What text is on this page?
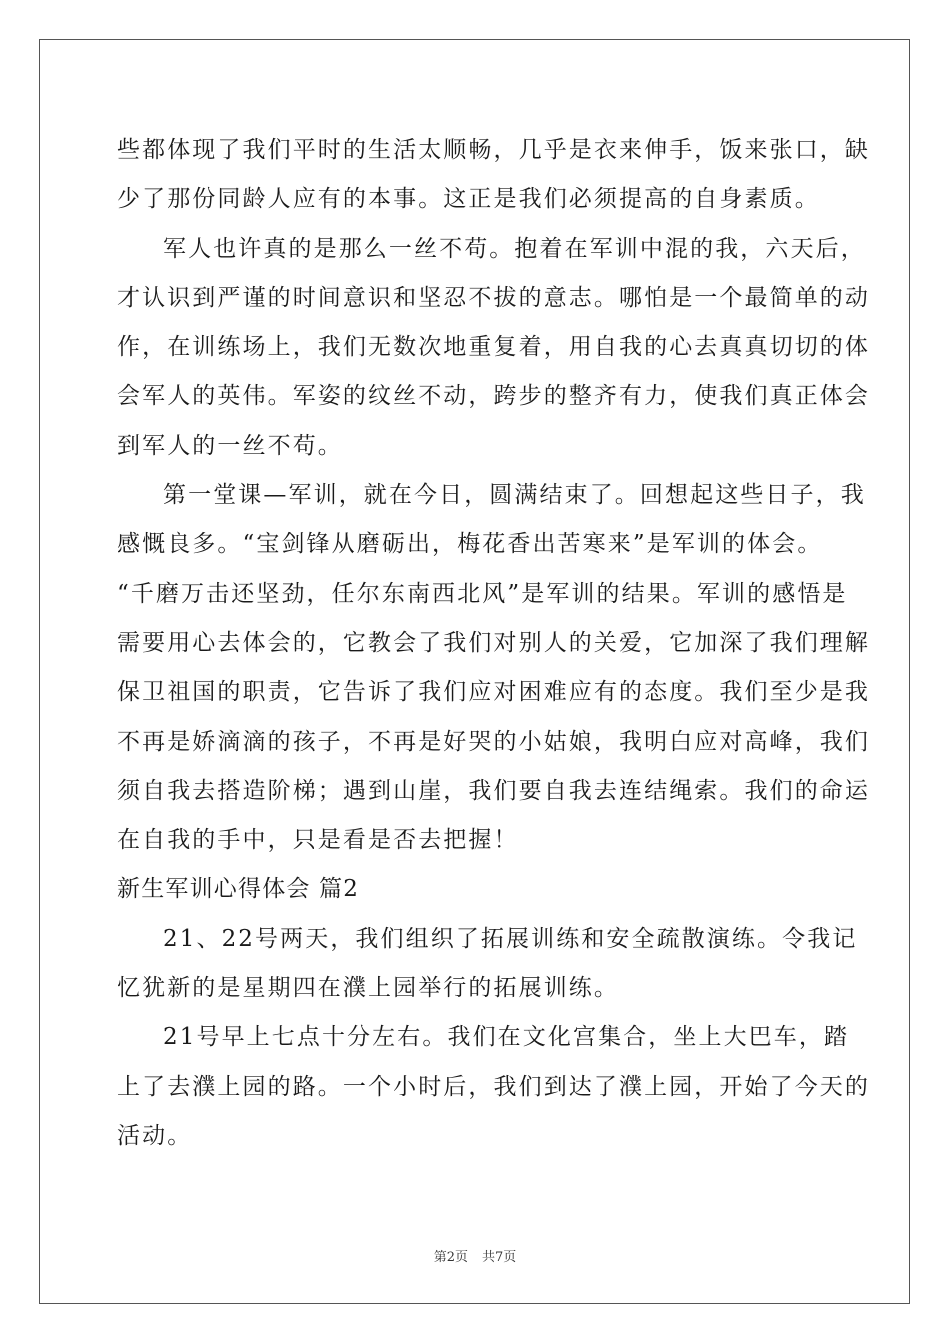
些都体现了我们平时的生活太顺畅，几乎是衣来伸手，饭来张口，缺
少了那份同龄人应有的本事。这正是我们必须提高的自身素质。
军人也许真的是那么一丝不苟。抱着在军训中混的我，六天后，
才认识到严谨的时间意识和坚忍不拔的意志。哪怕是一个最简单的动
作，在训练场上，我们无数次地重复着，用自我的心去真真切切的体
会军人的英伟。军姿的纹丝不动，跨步的整齐有力，使我们真正体会
到军人的一丝不苟。
第一堂课—军训，就在今日，圆满结束了。回想起这些日子，我
感慨良多。“宝剑锋从磨砺出，梅花香出苦寒来”是军训的体会。
“千磨万击还坚劲，任尔东南西北风”是军训的结果。军训的感悟是
需要用心去体会的，它教会了我们对别人的关爱，它加深了我们理解
保卫祖国的职责，它告诉了我们应对困难应有的态度。我们至少是我
不再是娇滴滴的孩子，不再是好哭的小姑娘，我明白应对高峰，我们
须自我去搭造阶梯；遇到山崖，我们要自我去连结绳索。我们的命运
在自我的手中，只是看是否去把握！
新生军训心得体会 篇2
21、22号两天，我们组织了拓展训练和安全疏散演练。令我记
忆犹新的是星期四在濮上园举行的拓展训练。
21号早上七点十分左右。我们在文化宫集合，坐上大巴车，踏
上了去濮上园的路。一个小时后，我们到达了濮上园，开始了今天的
活动。
第2页 共7页
